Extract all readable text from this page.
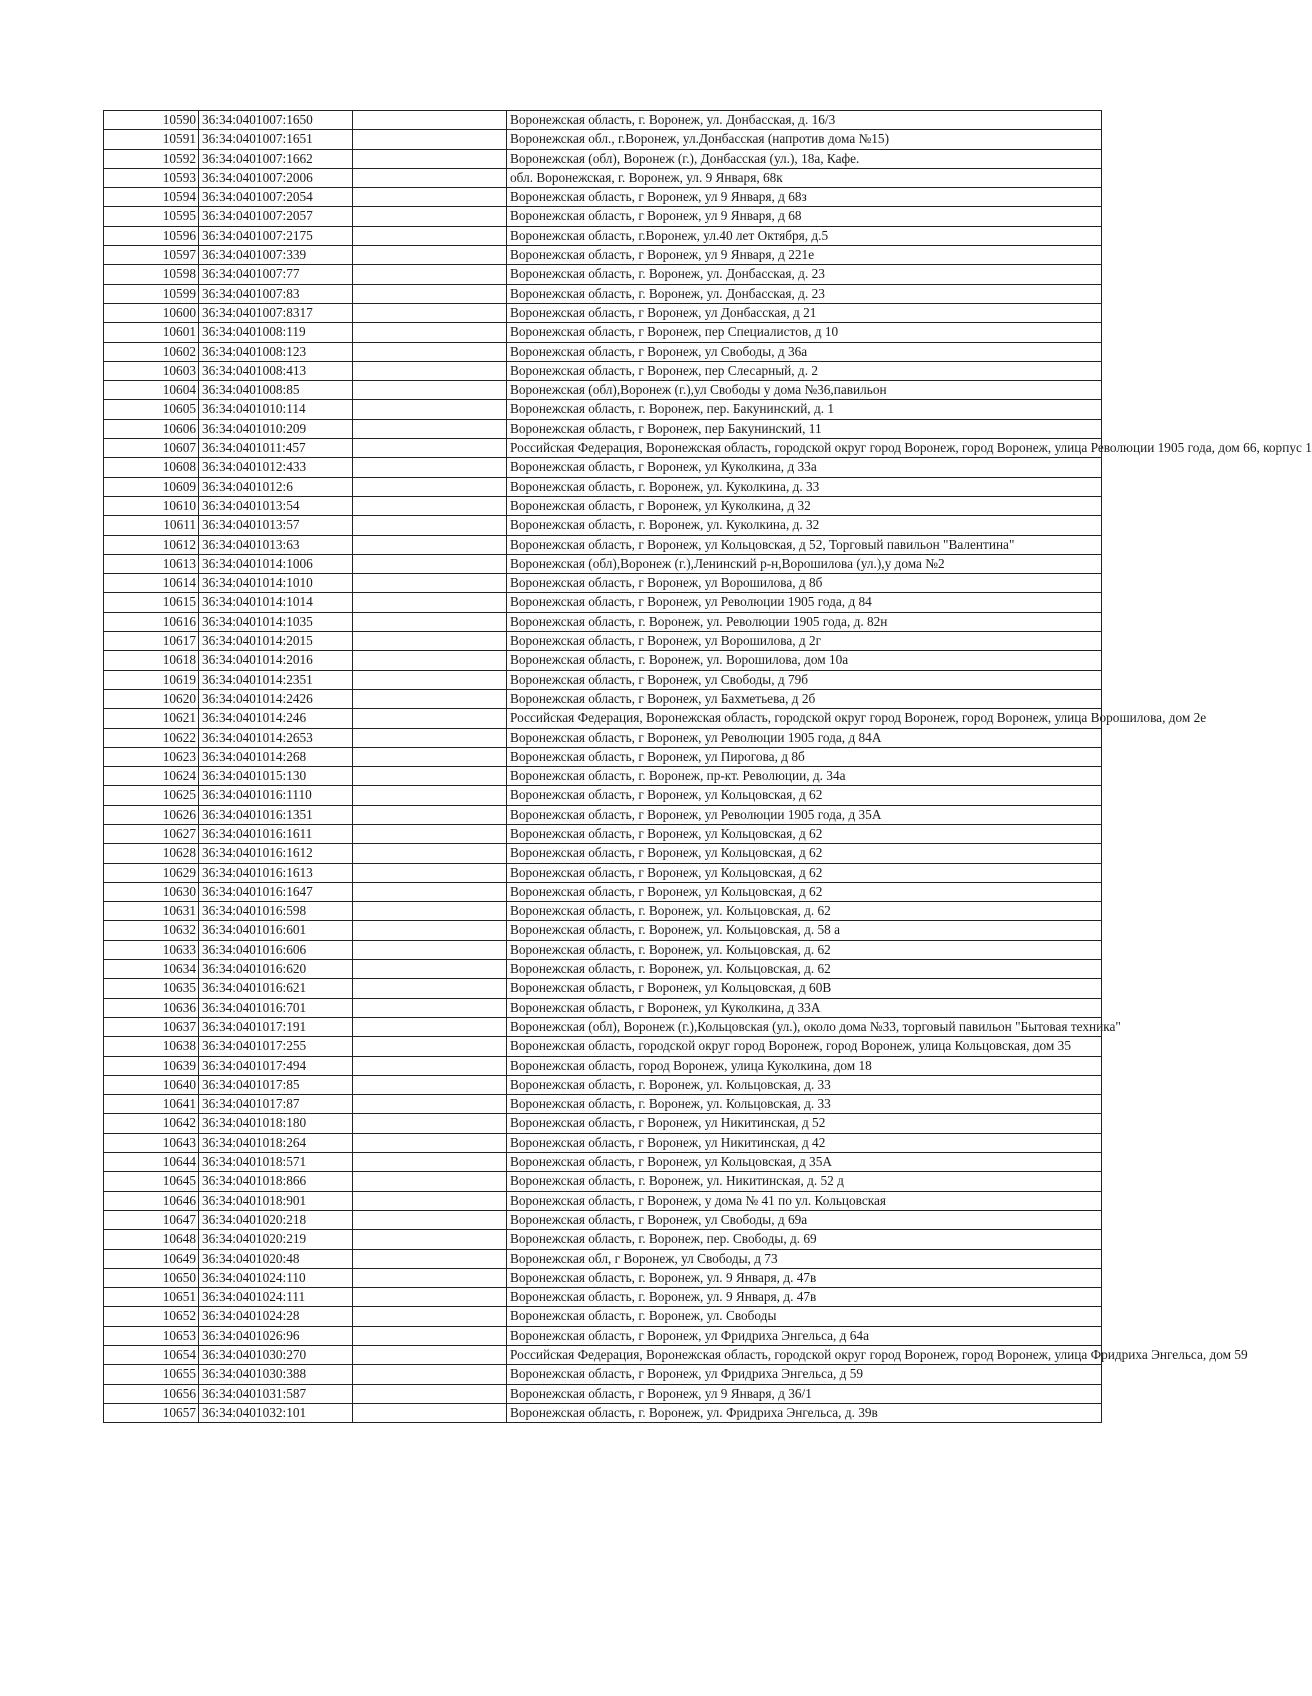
10590	36:34:0401007:1650		Воронежская область, г. Воронеж, ул. Донбасская, д. 16/3
10591	36:34:0401007:1651		Воронежская обл., г.Воронеж, ул.Донбасская (напротив дома №15)
10592	36:34:0401007:1662		Воронежская (обл), Воронеж (г.), Донбасская (ул.), 18а, Кафе.
10593	36:34:0401007:2006		обл. Воронежская, г. Воронеж, ул. 9 Января, 68к
10594	36:34:0401007:2054		Воронежская область, г Воронеж, ул 9 Января, д 68з
10595	36:34:0401007:2057		Воронежская область, г Воронеж, ул 9 Января, д 68
10596	36:34:0401007:2175		Воронежская область, г.Воронеж, ул.40 лет Октября, д.5
10597	36:34:0401007:339		Воронежская область, г Воронеж, ул 9 Января, д 221е
10598	36:34:0401007:77		Воронежская область, г. Воронеж, ул. Донбасская, д. 23
10599	36:34:0401007:83		Воронежская область, г. Воронеж, ул. Донбасская, д. 23
10600	36:34:0401007:8317		Воронежская область, г Воронеж, ул Донбасская, д 21
10601	36:34:0401008:119		Воронежская область, г Воронеж, пер Специалистов, д 10
10602	36:34:0401008:123		Воронежская область, г Воронеж, ул Свободы, д 36а
10603	36:34:0401008:413		Воронежская область, г Воронеж, пер Слесарный, д. 2
10604	36:34:0401008:85		Воронежская (обл),Воронеж (г.),ул Свободы у дома №36,павильон
10605	36:34:0401010:114		Воронежская область, г. Воронеж, пер. Бакунинский, д. 1
10606	36:34:0401010:209		Воронежская область, г Воронеж, пер Бакунинский, 11
10607	36:34:0401011:457		Российская Федерация, Воронежская область, городской округ город Воронеж, город Воронеж, улица Революции 1905 года, дом 66, корпус 1
10608	36:34:0401012:433		Воронежская область, г Воронеж, ул Куколкина, д 33а
10609	36:34:0401012:6		Воронежская область, г. Воронеж, ул. Куколкина, д. 33
10610	36:34:0401013:54		Воронежская область, г Воронеж, ул Куколкина, д 32
10611	36:34:0401013:57		Воронежская область, г. Воронеж, ул. Куколкина, д. 32
10612	36:34:0401013:63		Воронежская область, г Воронеж, ул Кольцовская, д 52, Торговый павильон "Валентина"
10613	36:34:0401014:1006		Воронежская (обл),Воронеж (г.),Ленинский р-н,Ворошилова (ул.),у дома №2
10614	36:34:0401014:1010		Воронежская область, г Воронеж, ул Ворошилова, д 8б
10615	36:34:0401014:1014		Воронежская область, г Воронеж, ул Революции 1905 года, д 84
10616	36:34:0401014:1035		Воронежская область, г. Воронеж, ул. Революции 1905 года, д. 82н
10617	36:34:0401014:2015		Воронежская область, г Воронеж, ул Ворошилова, д 2г
10618	36:34:0401014:2016		Воронежская область, г. Воронеж, ул. Ворошилова, дом 10а
10619	36:34:0401014:2351		Воронежская область, г Воронеж, ул Свободы, д 79б
10620	36:34:0401014:2426		Воронежская область, г Воронеж, ул Бахметьева, д 2б
10621	36:34:0401014:246		Российская Федерация, Воронежская область, городской округ город Воронеж, город Воронеж, улица Ворошилова, дом 2е
10622	36:34:0401014:2653		Воронежская область, г Воронеж, ул Революции 1905 года, д 84А
10623	36:34:0401014:268		Воронежская область, г Воронеж, ул Пирогова, д 8б
10624	36:34:0401015:130		Воронежская область, г. Воронеж, пр-кт. Революции, д. 34а
10625	36:34:0401016:1110		Воронежская область, г Воронеж, ул Кольцовская, д 62
10626	36:34:0401016:1351		Воронежская область, г Воронеж, ул Революции 1905 года, д 35А
10627	36:34:0401016:1611		Воронежская область, г Воронеж, ул Кольцовская, д 62
10628	36:34:0401016:1612		Воронежская область, г Воронеж, ул Кольцовская, д 62
10629	36:34:0401016:1613		Воронежская область, г Воронеж, ул Кольцовская, д 62
10630	36:34:0401016:1647		Воронежская область, г Воронеж, ул Кольцовская, д 62
10631	36:34:0401016:598		Воронежская область, г. Воронеж, ул. Кольцовская, д. 62
10632	36:34:0401016:601		Воронежская область, г. Воронеж, ул. Кольцовская, д. 58 а
10633	36:34:0401016:606		Воронежская область, г. Воронеж, ул. Кольцовская, д. 62
10634	36:34:0401016:620		Воронежская область, г. Воронеж, ул. Кольцовская, д. 62
10635	36:34:0401016:621		Воронежская область, г Воронеж, ул Кольцовская, д 60В
10636	36:34:0401016:701		Воронежская область, г Воронеж, ул Куколкина, д 33А
10637	36:34:0401017:191		Воронежская (обл), Воронеж (г.),Кольцовская (ул.), около дома №33, торговый павильон "Бытовая техника"
10638	36:34:0401017:255		Воронежская область, городской округ город Воронеж, город Воронеж, улица Кольцовская, дом 35
10639	36:34:0401017:494		Воронежская область, город Воронеж, улица Куколкина, дом 18
10640	36:34:0401017:85		Воронежская область, г. Воронеж, ул. Кольцовская, д. 33
10641	36:34:0401017:87		Воронежская область, г. Воронеж, ул. Кольцовская, д. 33
10642	36:34:0401018:180		Воронежская область, г Воронеж, ул Никитинская, д 52
10643	36:34:0401018:264		Воронежская область, г Воронеж, ул Никитинская, д 42
10644	36:34:0401018:571		Воронежская область, г Воронеж, ул Кольцовская, д 35А
10645	36:34:0401018:866		Воронежская область, г. Воронеж, ул. Никитинская, д. 52 д
10646	36:34:0401018:901		Воронежская область, г Воронеж, у дома № 41 по ул. Кольцовская
10647	36:34:0401020:218		Воронежская область, г Воронеж, ул Свободы, д 69а
10648	36:34:0401020:219		Воронежская область, г. Воронеж, пер. Свободы, д. 69
10649	36:34:0401020:48		Воронежская обл, г Воронеж, ул Свободы, д 73
10650	36:34:0401024:110		Воронежская область, г. Воронеж, ул. 9 Января, д. 47в
10651	36:34:0401024:111		Воронежская область, г. Воронеж, ул. 9 Января, д. 47в
10652	36:34:0401024:28		Воронежская область, г. Воронеж, ул. Свободы
10653	36:34:0401026:96		Воронежская область, г Воронеж, ул Фридриха Энгельса, д 64а
10654	36:34:0401030:270		Российская Федерация, Воронежская область, городской округ город Воронеж, город Воронеж, улица Фридриха Энгельса, дом 59
10655	36:34:0401030:388		Воронежская область, г Воронеж, ул Фридриха Энгельса, д 59
10656	36:34:0401031:587		Воронежская область, г Воронеж, ул 9 Января, д 36/1
10657	36:34:0401032:101		Воронежская область, г. Воронеж, ул. Фридриха Энгельса, д. 39в
